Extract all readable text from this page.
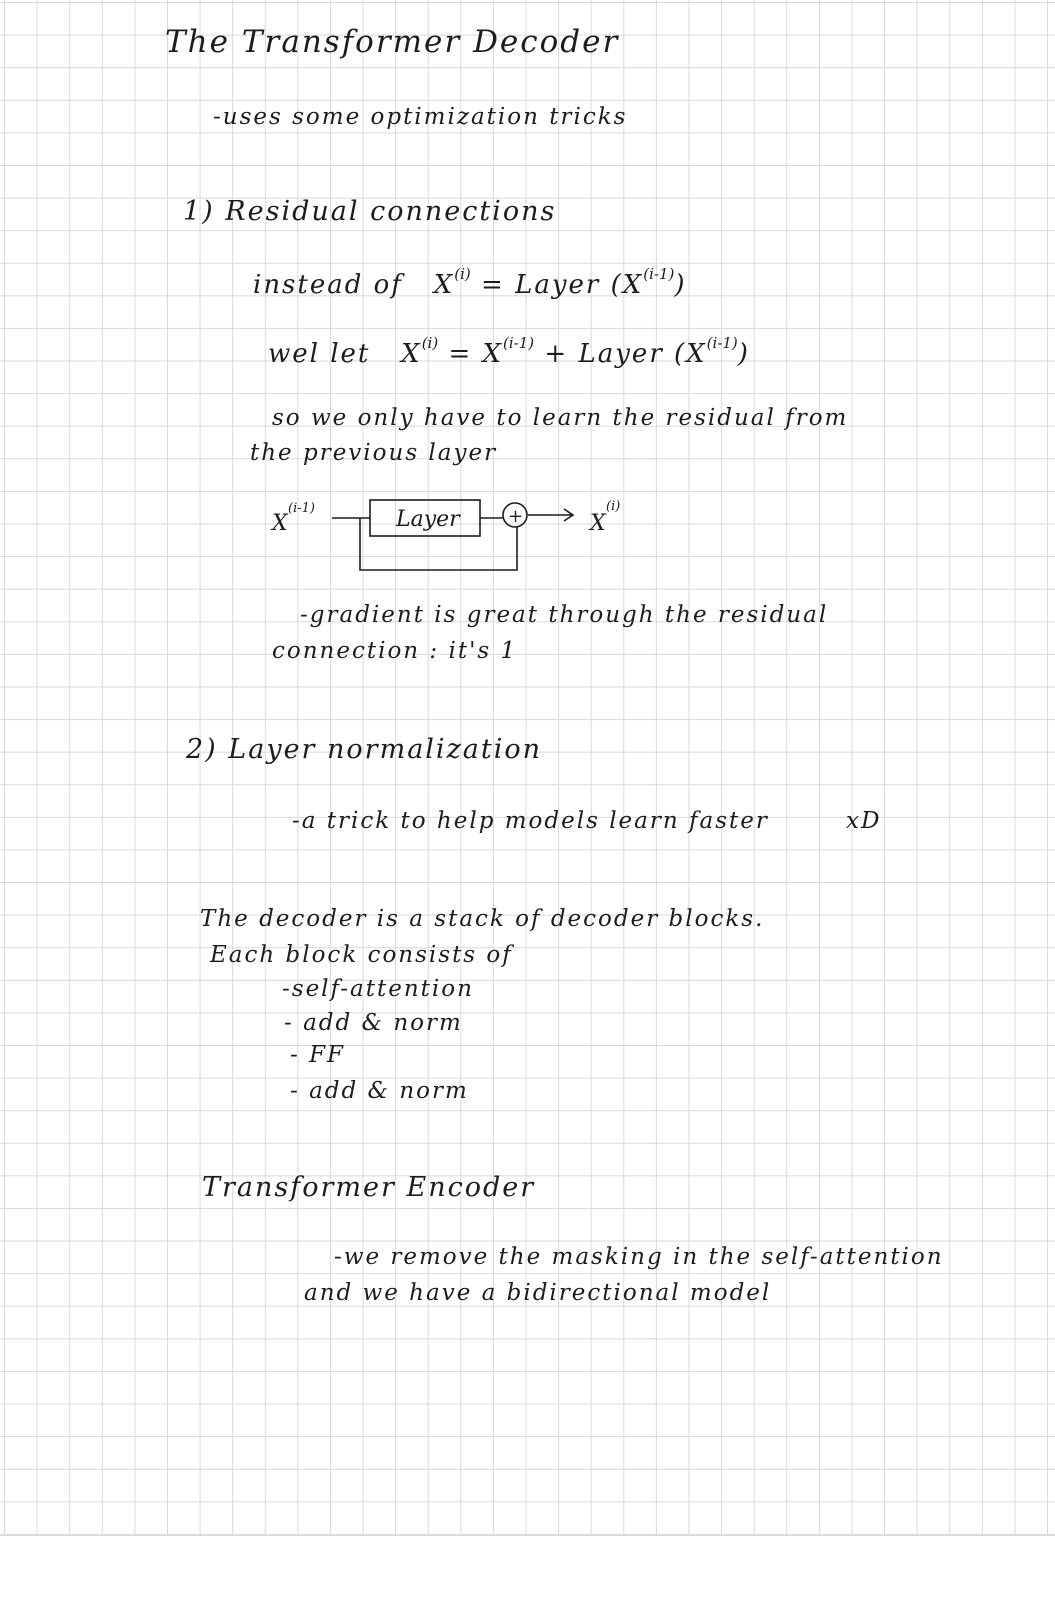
The Transformer Decoder
-uses some optimization tricks
1) Residual connections
instead of $X^{(i)}$ = Layer $(X^{(i-1)})$
wel let $X^{(i)} = X^{(i-1)}$ + Layer $(X^{(i-1)})$
so we only have to learn the residual from
the previous layer
X
(i-1)	Layer	+	X
(i)
-gradient is great through the residual
connection : it's 1
2) Layer normalization
-a trick to help models learn faster	xD
The decoder is a stack of decoder blocks.
Each block consists of
-self-attention
- add & norm
- FF
- add & norm
Transformer Encoder
-we remove the masking in the self-attention
and we have a bidirectional model
